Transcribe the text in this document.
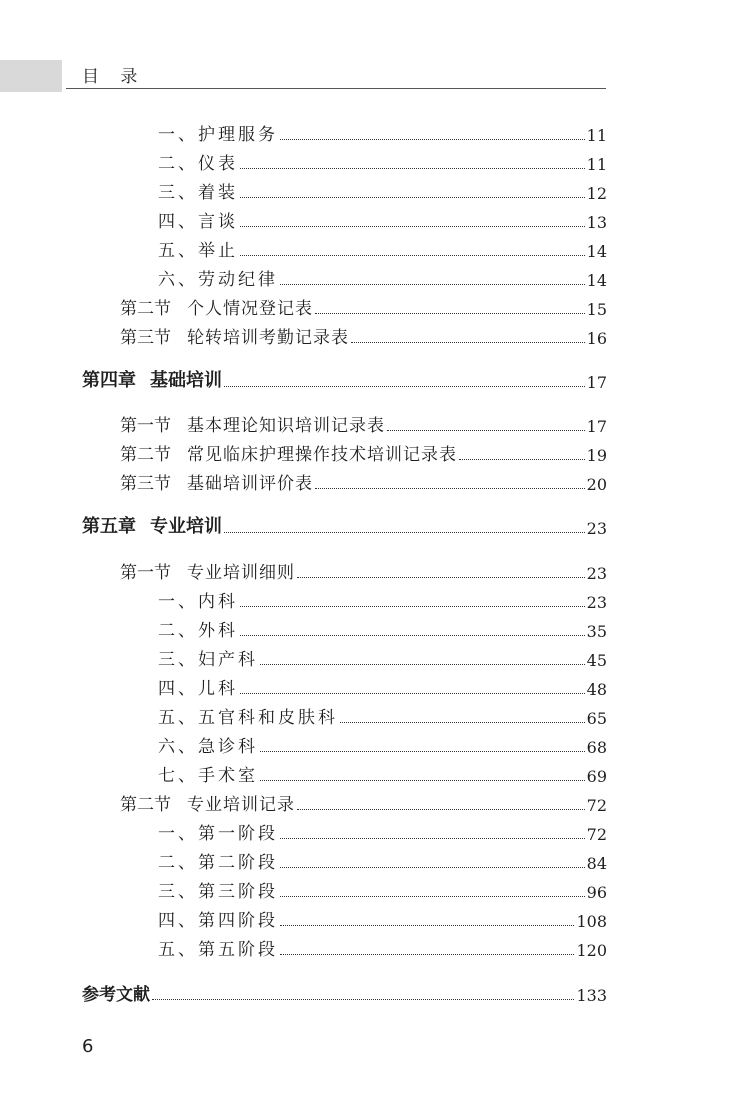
目 录
一、 护理服务	11
二、 仪表	11
三、 着装	12
四、 言谈	13
五、 举止	14
六、 劳动纪律	14
第二节 个人情况登记表	15
第三节 轮转培训考勤记录表	16
第四章 基础培训	17
第一节 基本理论知识培训记录表	17
第二节 常见临床护理操作技术培训记录表	19
第三节 基础培训评价表	20
第五章 专业培训	23
第一节 专业培训细则	23
一、 内科	23
二、 外科	35
三、 妇产科	45
四、 儿科	48
五、 五官科和皮肤科	65
六、 急诊科	68
七、 手术室	69
第二节 专业培训记录	72
一、 第一阶段	72
二、 第二阶段	84
三、 第三阶段	96
四、 第四阶段	108
五、 第五阶段	120
参考文献	133
6
